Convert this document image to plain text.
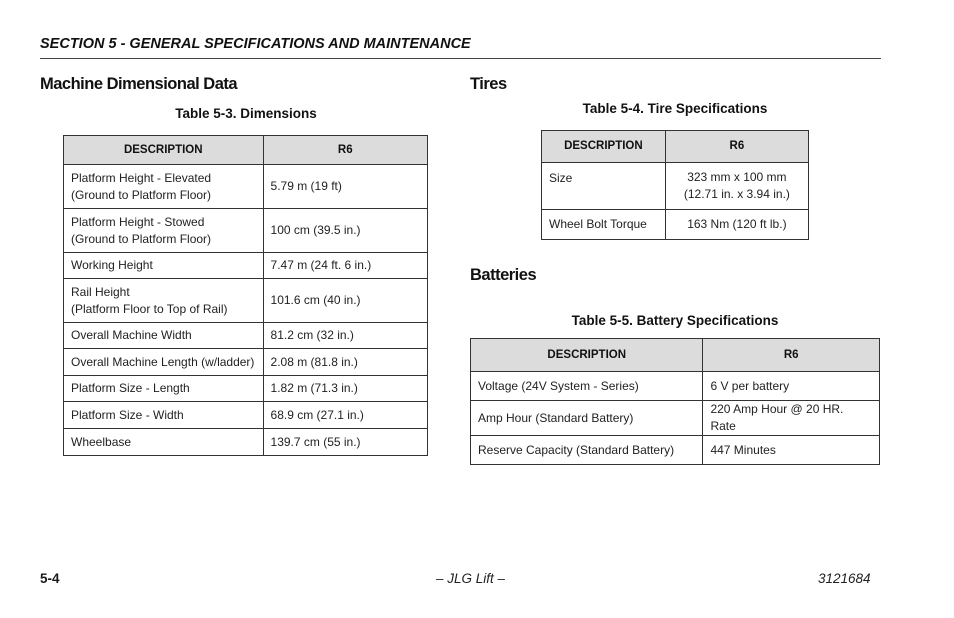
SECTION 5 - GENERAL SPECIFICATIONS AND MAINTENANCE
Machine Dimensional Data
Table 5-3. Dimensions
DESCRIPTION	R6

Platform Height - Elevated
(Ground to Platform Floor)	5.79 m (19 ft)

Platform Height - Stowed
(Ground to Platform Floor)	100 cm (39.5 in.)
Working Height	7.47 m (24 ft. 6 in.)

Rail Height
(Platform Floor to Top of Rail)	101.6 cm (40 in.)
Overall Machine Width	81.2 cm (32 in.)
Overall Machine Length (w/ladder)	2.08 m (81.8 in.)
Platform Size - Length	1.82 m (71.3 in.)
Platform Size - Width	68.9 cm (27.1 in.)
Wheelbase	139.7 cm (55 in.)
Tires
Table 5-4. Tire Specifications
DESCRIPTION	R6
Size	323 mm x 100 mm
(12.71 in. x 3.94 in.)

Wheel Bolt Torque	163 Nm (120 ft lb.)
Batteries
Table 5-5. Battery Specifications
DESCRIPTION	R6
Voltage (24V System - Series)	6 V per battery
Amp Hour (Standard Battery)	220 Amp Hour @ 20 HR. Rate
Reserve Capacity (Standard Battery)	447 Minutes
5-4	– JLG Lift –	3121684
